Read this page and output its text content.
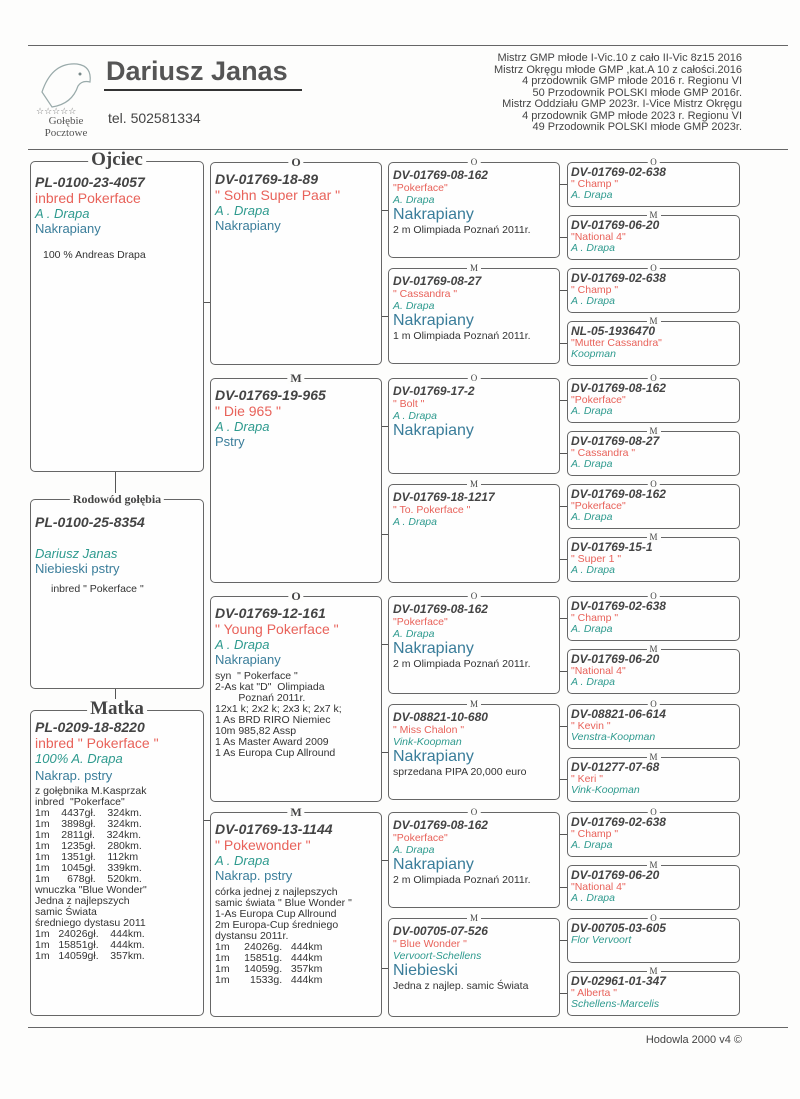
☆☆☆☆☆
Gołębie
Pocztowe
Dariusz Janas
tel. 502581334
Mistrz GMP młode I-Vic.10 z cało II-Vic 8z15 2016
Mistrz Okręgu młode GMP ,kat.A 10 z całości.2016
4 przodownik GMP młode 2016 r. Regionu VI
50 Przodownik POLSKI młode GMP 2016r.
Mistrz Oddziału GMP 2023r. I-Vice Mistrz Okręgu
4 przodownik GMP młode 2023 r. Regionu VI
49 Przodownik POLSKI młode GMP 2023r.
Ojciec
PL-0100-23-4057
inbred Pokerface
A . Drapa
Nakrapiany
100 % Andreas Drapa
Rodowód gołębia
PL-0100-25-8354
Dariusz Janas
Niebieski pstry
inbred " Pokerface "
Matka
PL-0209-18-8220
inbred " Pokerface "
100% A. Drapa
Nakrap. pstry
z gołębnika M.Kasprzak
inbred  "Pokerface"
1m    4437gł.    324km.
1m    3898gł.    324km.
1m    2811gł.    324km.
1m    1235gł.    280km.
1m    1351gł.    112km
1m    1045gł.    339km.
1m      678gł.    520km.
wnuczka "Blue Wonder"
Jedna z najlepszych
samic Świata
średniego dystasu 2011
1m   24026gł.    444km.
1m   15851gł.    444km.
1m   14059gł.    357km.
O
DV-01769-18-89
" Sohn Super Paar "
A . Drapa
Nakrapiany
M
DV-01769-19-965
" Die 965 "
A . Drapa
Pstry
O
DV-01769-12-161
" Young Pokerface "
A . Drapa
Nakrapiany
syn  " Pokerface "
2-As kat "D"  Olimpiada
Poznań 2011r.
12x1 k; 2x2 k; 2x3 k; 2x7 k;
1 As BRD RIRO Niemiec
10m 985,82 Assp
1 As Master Award 2009
1 As Europa Cup Allround
M
DV-01769-13-1144
" Pokewonder "
A . Drapa
Nakrap. pstry
córka jednej z najlepszych
samic świata " Blue Wonder "
1-As Europa Cup Allround
2m Europa-Cup średniego
dystansu 2011r.
1m     24026g.   444km
1m     15851g.   444km
1m     14059g.   357km
1m       1533g.   444km
O
DV-01769-08-162
"Pokerface"
A. Drapa
Nakrapiany
2 m Olimpiada Poznań 2011r.
M
DV-01769-08-27
" Cassandra "
A. Drapa
Nakrapiany
1 m Olimpiada Poznań 2011r.
O
DV-01769-17-2
" Bolt "
A . Drapa
Nakrapiany
M
DV-01769-18-1217
" To. Pokerface "
A . Drapa
O
DV-01769-08-162
"Pokerface"
A. Drapa
Nakrapiany
2 m Olimpiada Poznań 2011r.
M
DV-08821-10-680
" Miss Chalon "
Vink-Koopman
Nakrapiany
sprzedana PIPA 20,000 euro
O
DV-01769-08-162
"Pokerface"
A. Drapa
Nakrapiany
2 m Olimpiada Poznań 2011r.
M
DV-00705-07-526
" Blue Wonder "
Vervoort-Schellens
Niebieski
Jedna z najlep. samic Świata
O
DV-01769-02-638
" Champ "
A. Drapa
M
DV-01769-06-20
"National 4"
A . Drapa
O
DV-01769-02-638
" Champ "
A . Drapa
M
NL-05-1936470
"Mutter Cassandra"
Koopman
O
DV-01769-08-162
"Pokerface"
A. Drapa
M
DV-01769-08-27
" Cassandra "
A. Drapa
O
DV-01769-08-162
"Pokerface"
A. Drapa
M
DV-01769-15-1
" Super 1 "
A . Drapa
O
DV-01769-02-638
" Champ "
A. Drapa
M
DV-01769-06-20
"National 4"
A . Drapa
O
DV-08821-06-614
" Kevin "
Venstra-Koopman
M
DV-01277-07-68
" Keri "
Vink-Koopman
O
DV-01769-02-638
" Champ "
A. Drapa
M
DV-01769-06-20
"National 4"
A . Drapa
O
DV-00705-03-605
Flor Vervoort
M
DV-02961-01-347
" Alberta "
Schellens-Marcelis
Hodowla 2000 v4 ©
